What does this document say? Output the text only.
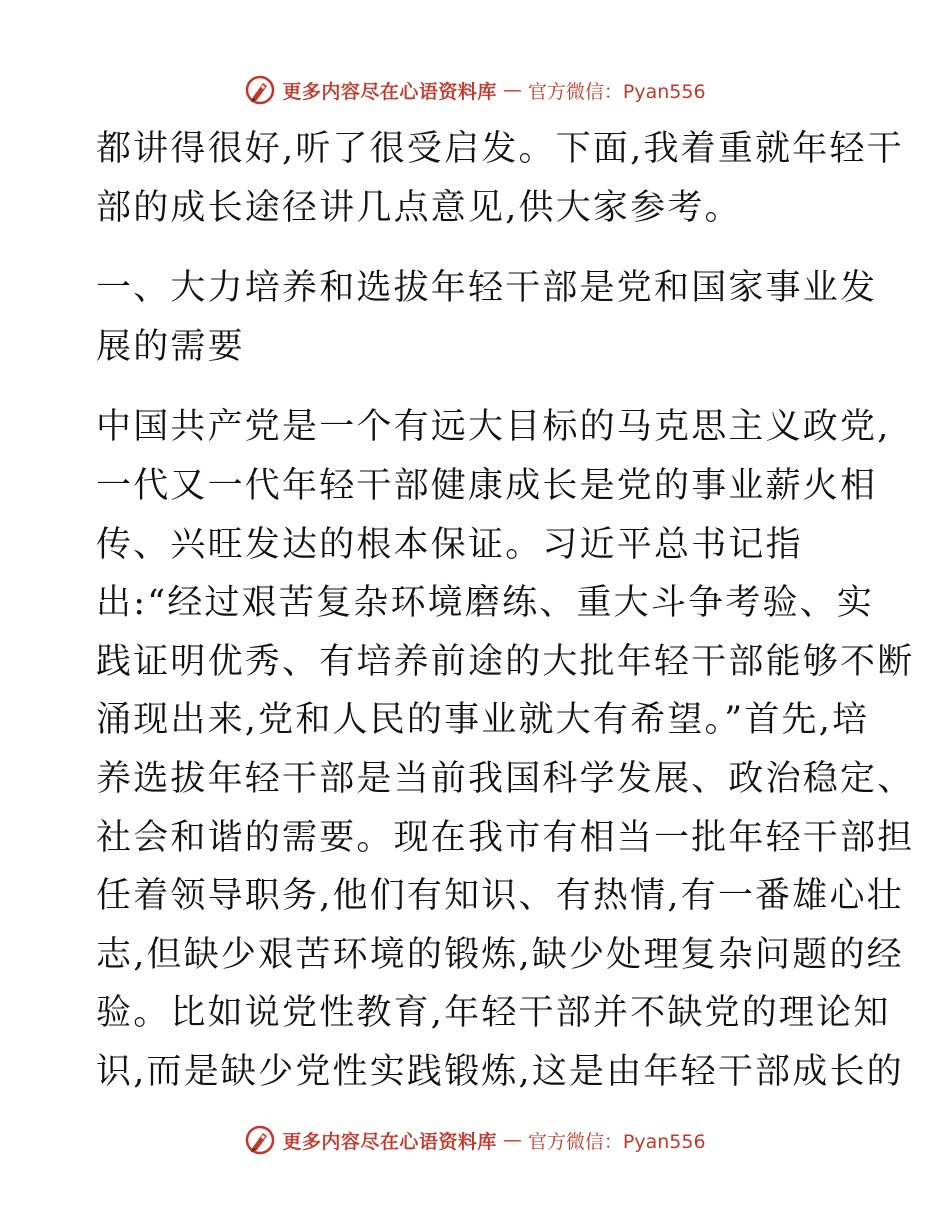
更多内容尽在心语资料库 — 官方微信：Pyan556
都讲得很好,听了很受启发。下面,我着重就年轻干
部的成长途径讲几点意见,供大家参考。
一、大力培养和选拔年轻干部是党和国家事业发
展的需要
中国共产党是一个有远大目标的马克思主义政党,
一代又一代年轻干部健康成长是党的事业薪火相
传、兴旺发达的根本保证。习近平总书记指
出:“经过艰苦复杂环境磨练、重大斗争考验、实
践证明优秀、有培养前途的大批年轻干部能够不断
涌现出来,党和人民的事业就大有希望。”首先,培
养选拔年轻干部是当前我国科学发展、政治稳定、
社会和谐的需要。现在我市有相当一批年轻干部担
任着领导职务,他们有知识、有热情,有一番雄心壮
志,但缺少艰苦环境的锻炼,缺少处理复杂问题的经
验。比如说党性教育,年轻干部并不缺党的理论知
识,而是缺少党性实践锻炼,这是由年轻干部成长的
更多内容尽在心语资料库 — 官方微信：Pyan556
